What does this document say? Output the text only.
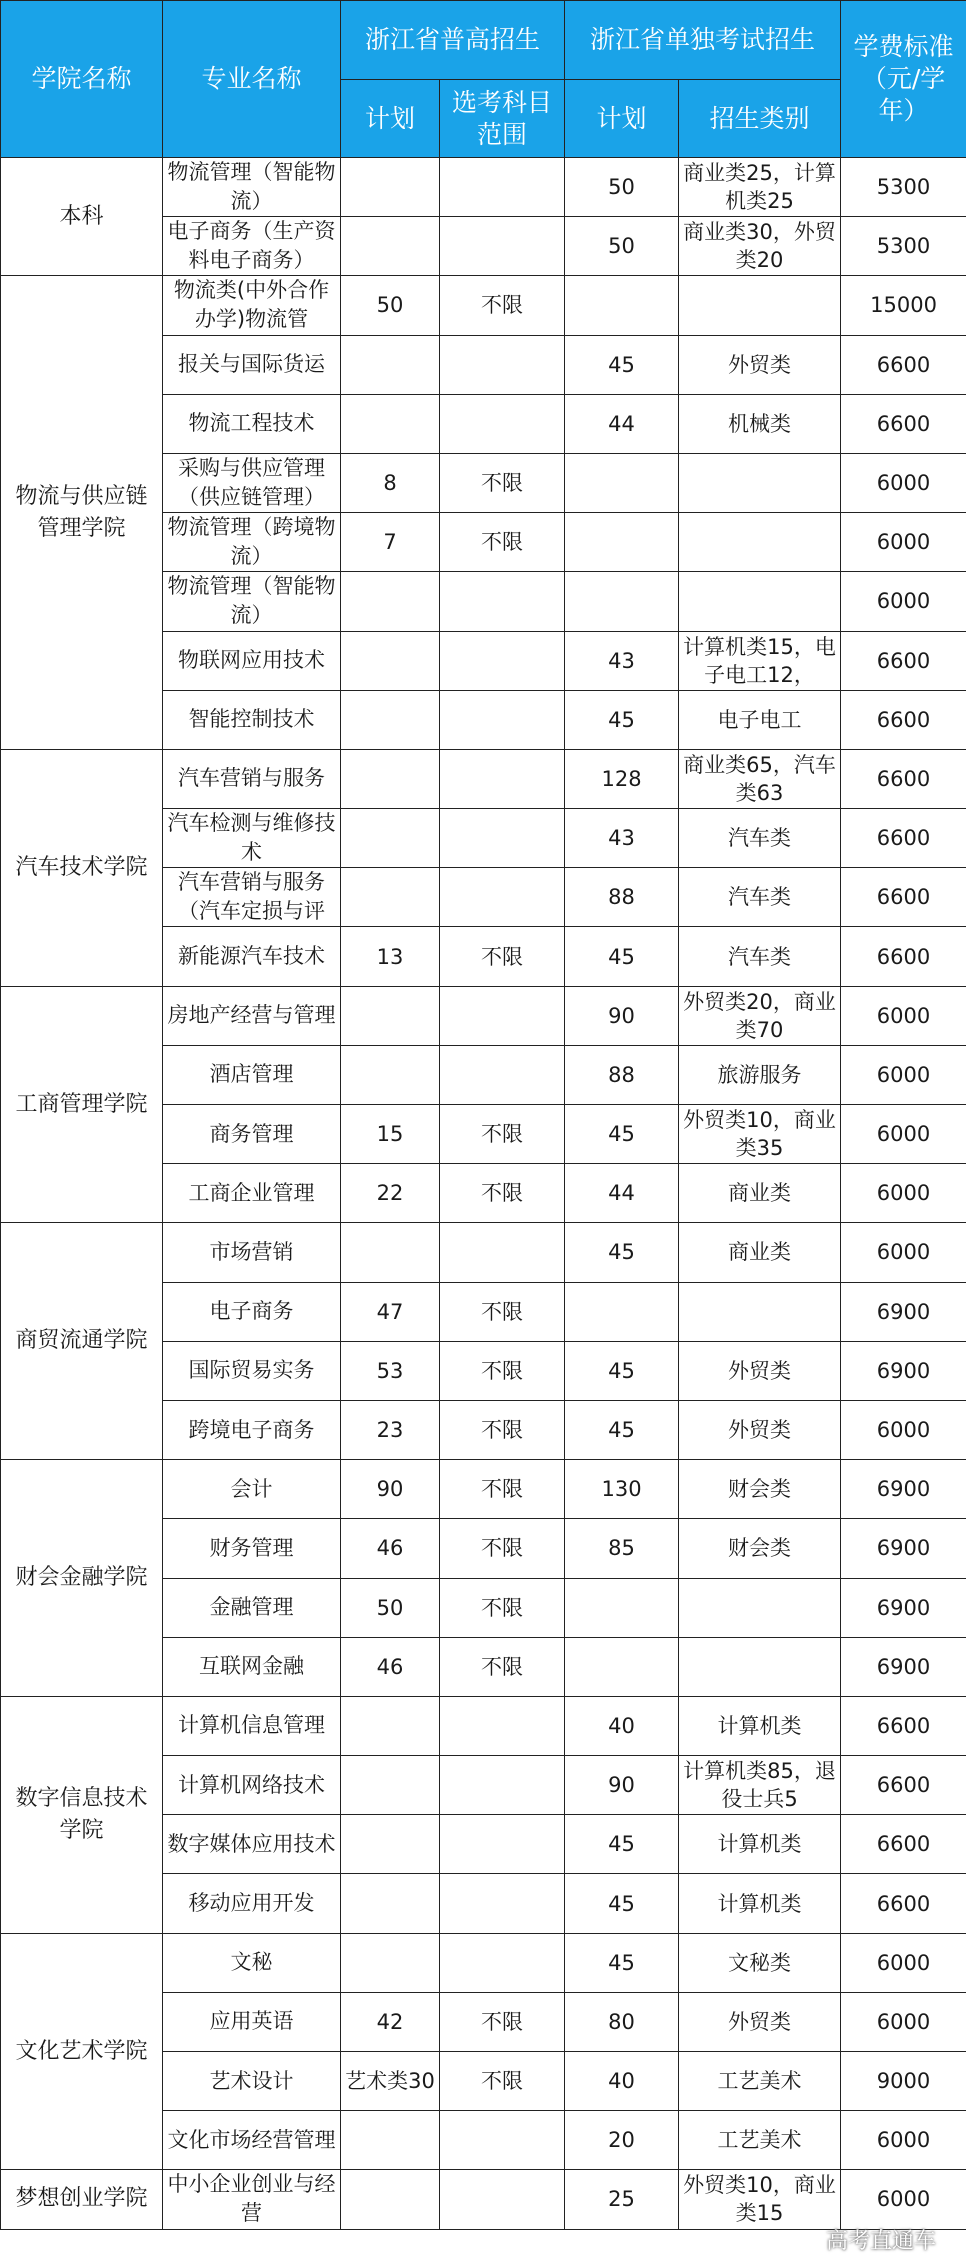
学院名称	专业名称	浙江省普高招生		浙江省单独考试招生		学费标准（元/学年）
		计划	选考科目范围	计划	招生类别	
本科	物流管理（智能物流）			50	商业类25，计算机类25	5300

	电子商务（生产资料电子商务）			50	商业类30，外贸类20	5300
物流与供应链管理学院	物流类(中外合作办学)物流管	50	不限			15000

	报关与国际货运			45	外贸类	6600

	物流工程技术			44	机械类	6600

	采购与供应管理（供应链管理）	8	不限			6000

	物流管理（跨境物流）	7	不限			6000

	物流管理（智能物流）					6000

	物联网应用技术			43	计算机类15，电子电工12，	6600

	智能控制技术			45	电子电工	6600
汽车技术学院	汽车营销与服务			128	商业类65，汽车类63	6600

	汽车检测与维修技术			43	汽车类	6600

	汽车营销与服务（汽车定损与评			88	汽车类	6600

	新能源汽车技术	13	不限	45	汽车类	6600
工商管理学院	房地产经营与管理			90	外贸类20，商业类70	6000

	酒店管理			88	旅游服务	6000

	商务管理	15	不限	45	外贸类10，商业类35	6000

	工商企业管理	22	不限	44	商业类	6000
商贸流通学院	市场营销			45	商业类	6000

	电子商务	47	不限			6900

	国际贸易实务	53	不限	45	外贸类	6900

	跨境电子商务	23	不限	45	外贸类	6000
财会金融学院	会计	90	不限	130	财会类	6900

	财务管理	46	不限	85	财会类	6900

	金融管理	50	不限			6900

	互联网金融	46	不限			6900
数字信息技术学院	计算机信息管理			40	计算机类	6600

	计算机网络技术			90	计算机类85，退役士兵5	6600

	数字媒体应用技术			45	计算机类	6600

	移动应用开发			45	计算机类	6600
文化艺术学院	文秘			45	文秘类	6000

	应用英语	42	不限	80	外贸类	6000

	艺术设计	艺术类30	不限	40	工艺美术	9000

	文化市场经营管理			20	工艺美术	6000
梦想创业学院	中小企业创业与经营			25	外贸类10，商业类15	6000
高考直通车
